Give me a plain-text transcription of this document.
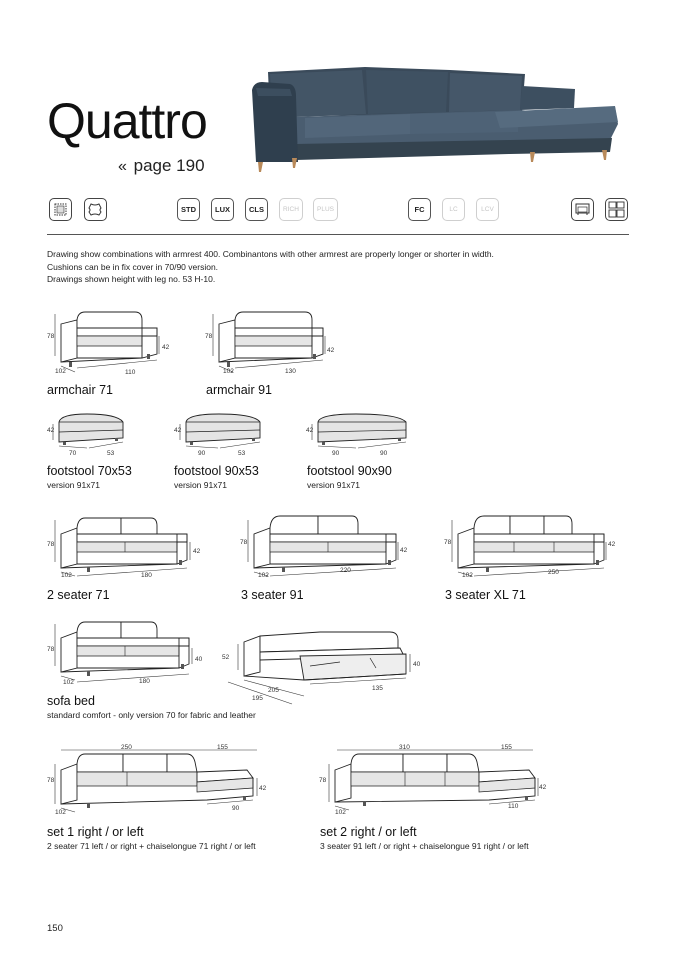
Quattro
« page 190
STD	LUX	CLS	RICH	PLUS	FC	LC	LCV
Drawing show combinations with armrest 400. Combinantons with other armrest are properly longer or shorter in width.
Cushions can be in fix cover in 70/90 version.
Drawings shown height with leg no. 53 H-10.
78
42
102	110
armchair 71
78
42
102	130
armchair 91
42
70	53
footstool 70x53
version 91x71
42
90	53
footstool 90x53
version 91x71
42
90	90
footstool 90x90
version 91x71
78
42
102	180
2 seater 71
78
42
102
220
3 seater 91
78	42
102	250
3 seater XL 71
78
40
102	180
sofa bed
standard comfort - only version 70 for fabric and leather
52
40
205
195
135
250	155
78
42
102
90
set 1 right / or left
2 seater 71 left / or right + chaiselongue 71 right / or left
310	155
78
42
102
110
set 2 right / or left
3 seater 91 left / or right + chaiselongue 91 right / or left
150
